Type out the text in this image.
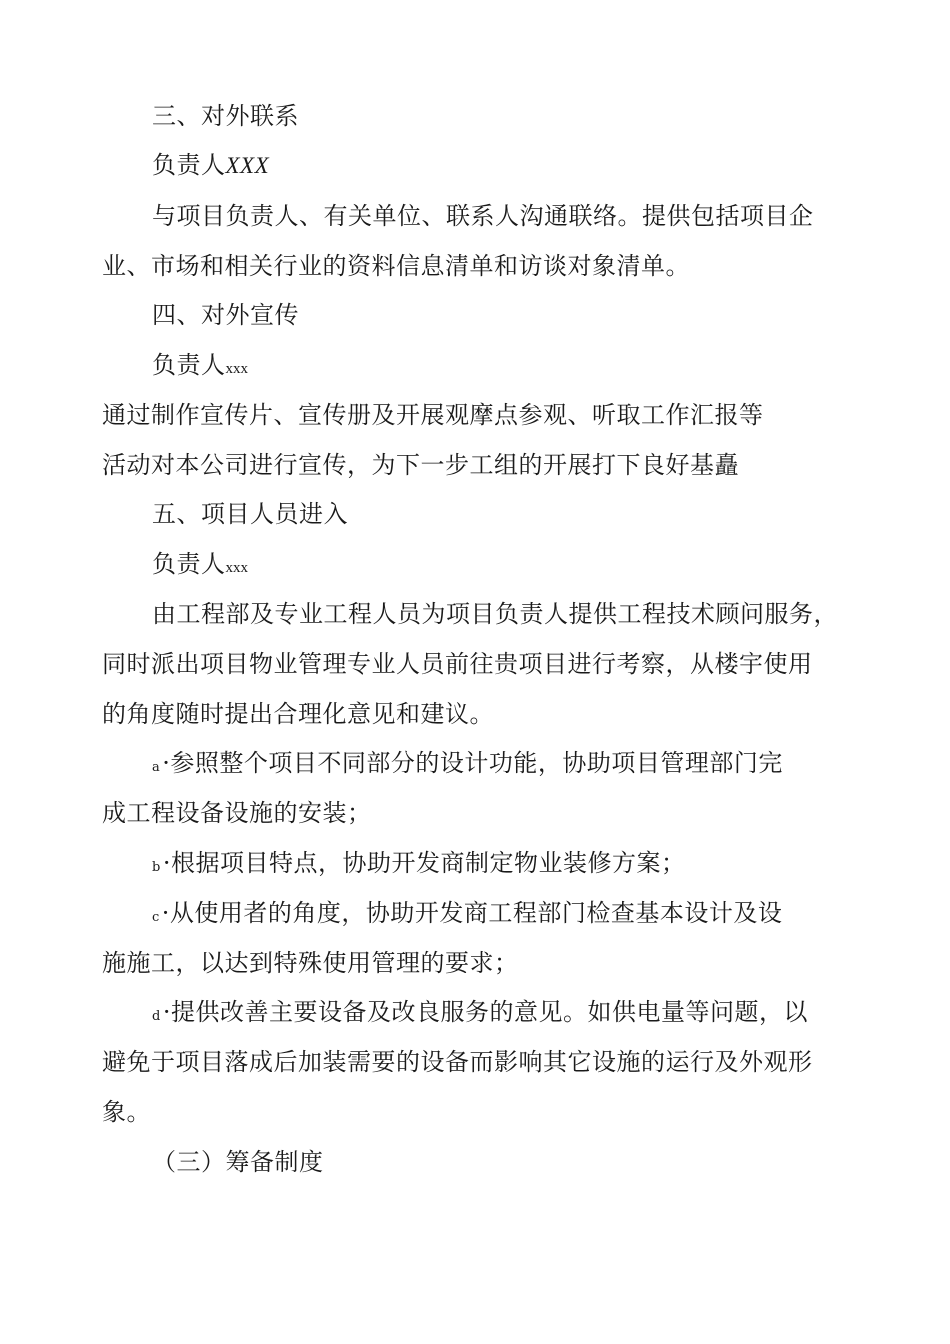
三、对外联系
负责人XXX
与项目负责人、有关单位、联系人沟通联络。提供包括项目企
业、市场和相关行业的资料信息清单和访谈对象清单。
四、对外宣传
负责人xxx
通过制作宣传片、宣传册及开展观摩点参观、听取工作汇报等
活动对本公司进行宣传，为下一步工组的开展打下良好基矗
五、项目人员进入
负责人xxx
由工程部及专业工程人员为项目负责人提供工程技术顾问服务，
同时派出项目物业管理专业人员前往贵项目进行考察，从楼宇使用
的角度随时提出合理化意见和建议。
a·参照整个项目不同部分的设计功能，协助项目管理部门完
成工程设备设施的安装；
b·根据项目特点，协助开发商制定物业装修方案；
c·从使用者的角度，协助开发商工程部门检查基本设计及设
施施工，以达到特殊使用管理的要求；
d·提供改善主要设备及改良服务的意见。如供电量等问题，以
避免于项目落成后加装需要的设备而影响其它设施的运行及外观形
象。
（三）筹备制度
